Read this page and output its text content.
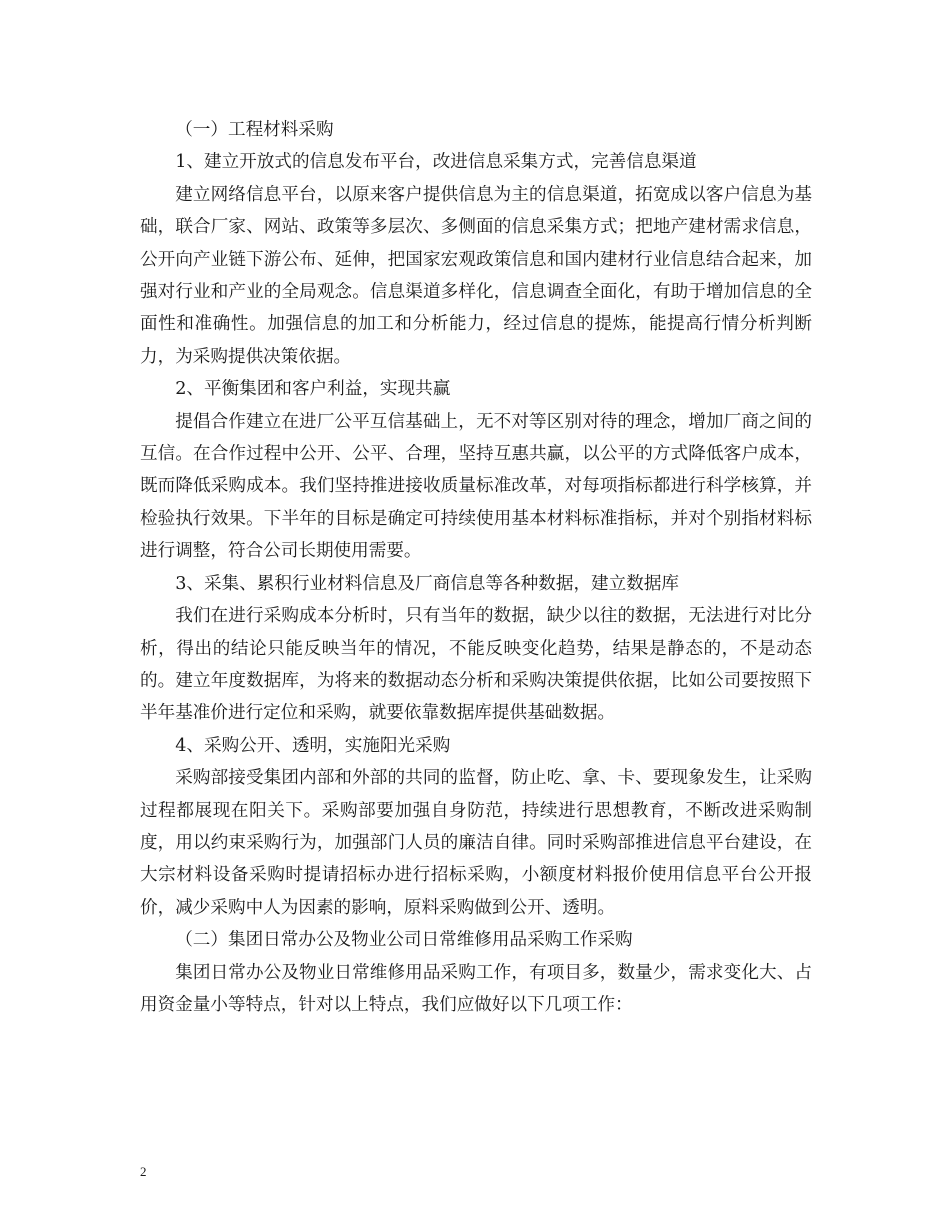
（一）工程材料采购

1、建立开放式的信息发布平台，改进信息采集方式，完善信息渠道

建立网络信息平台，以原来客户提供信息为主的信息渠道，拓宽成以客户信息为基础，联合厂家、网站、政策等多层次、多侧面的信息采集方式；把地产建材需求信息，公开向产业链下游公布、延伸，把国家宏观政策信息和国内建材行业信息结合起来，加强对行业和产业的全局观念。信息渠道多样化，信息调查全面化，有助于增加信息的全面性和准确性。加强信息的加工和分析能力，经过信息的提炼，能提高行情分析判断力，为采购提供决策依据。

2、平衡集团和客户利益，实现共赢

提倡合作建立在进厂公平互信基础上，无不对等区别对待的理念，增加厂商之间的互信。在合作过程中公开、公平、合理，坚持互惠共赢，以公平的方式降低客户成本，既而降低采购成本。我们坚持推进接收质量标准改革，对每项指标都进行科学核算，并检验执行效果。下半年的目标是确定可持续使用基本材料标准指标，并对个别指材料标进行调整，符合公司长期使用需要。

3、采集、累积行业材料信息及厂商信息等各种数据，建立数据库

我们在进行采购成本分析时，只有当年的数据，缺少以往的数据，无法进行对比分析，得出的结论只能反映当年的情况，不能反映变化趋势，结果是静态的，不是动态的。建立年度数据库，为将来的数据动态分析和采购决策提供依据，比如公司要按照下半年基准价进行定位和采购，就要依靠数据库提供基础数据。

4、采购公开、透明，实施阳光采购

采购部接受集团内部和外部的共同的监督，防止吃、拿、卡、要现象发生，让采购过程都展现在阳关下。采购部要加强自身防范，持续进行思想教育，不断改进采购制度，用以约束采购行为，加强部门人员的廉洁自律。同时采购部推进信息平台建设，在大宗材料设备采购时提请招标办进行招标采购，小额度材料报价使用信息平台公开报价，减少采购中人为因素的影响，原料采购做到公开、透明。

（二）集团日常办公及物业公司日常维修用品采购工作采购

集团日常办公及物业日常维修用品采购工作，有项目多，数量少，需求变化大、占用资金量小等特点，针对以上特点，我们应做好以下几项工作：

2
